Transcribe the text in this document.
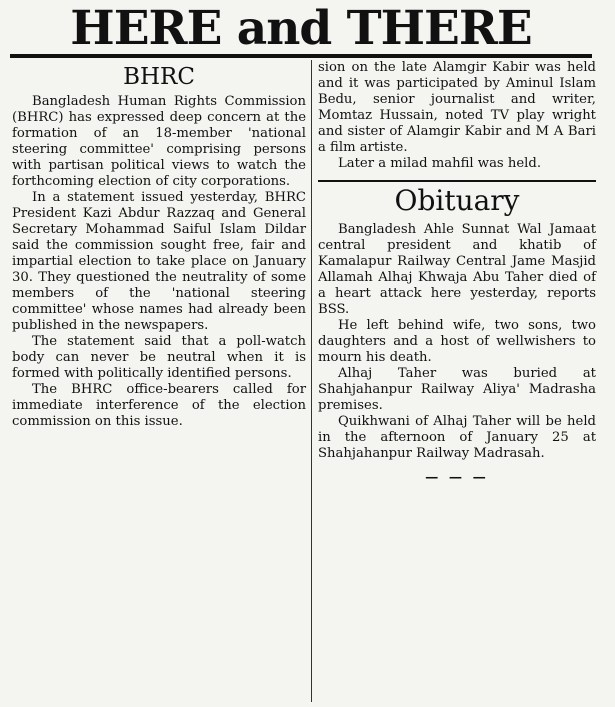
HERE and THERE
BHRC

Bangladesh Human Rights Commission (BHRC) has expressed deep concern at the formation of an 18-member 'national steering committee' comprising persons with partisan political views to watch the forthcoming election of city corporations.

In a statement issued yesterday, BHRC President Kazi Abdur Razzaq and General Secretary Mohammad Saiful Islam Dildar said the commission sought free, fair and impartial election to take place on January 30. They questioned the neutrality of some members of the 'national steering committee' whose names had already been published in the newspapers.

The statement said that a poll-watch body can never be neutral when it is formed with politically identified persons.

The BHRC office-bearers called for immediate interference of the election commission on this issue.

sion on the late Alamgir Kabir was held and it was participated by Aminul Islam Bedu, senior journalist and writer, Momtaz Hussain, noted TV play wright and sister of Alamgir Kabir and M A Bari a film artiste.

Later a milad mahfil was held.

Obituary

Bangladesh Ahle Sunnat Wal Jamaat central president and khatib of Kamalapur Railway Central Jame Masjid Allamah Alhaj Khwaja Abu Taher died of a heart attack here yesterday, reports BSS.

He left behind wife, two sons, two daughters and a host of wellwishers to mourn his death.

Alhaj Taher was buried at Shahjahanpur Railway Aliya' Madrasha premises.

Quikhwani of Alhaj Taher will be held in the afternoon of January 25 at Shahjahanpur Railway Madrasah.

— — —
